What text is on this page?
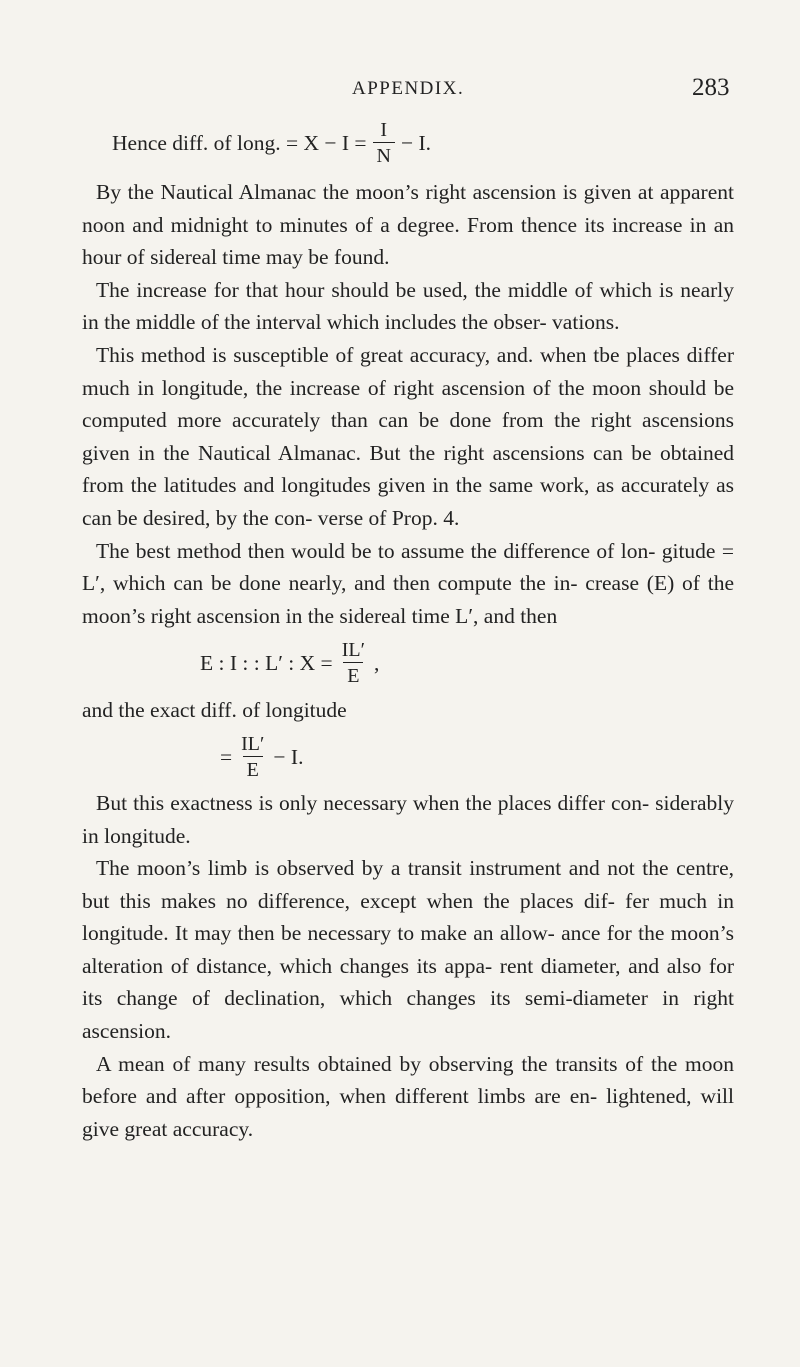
APPENDIX.	283
Hence diff. of long. = $X - I = \frac{I}{N} - I$.

By the Nautical Almanac the moon’s right ascension is given at apparent noon and midnight to minutes of a degree. From thence its increase in an hour of sidereal time may be found.

The increase for that hour should be used, the middle of which is nearly in the middle of the interval which includes the obser- vations.

This method is susceptible of great accuracy, and. when tbe places differ much in longitude, the increase of right ascension of the moon should be computed more accurately than can be done from the right ascensions given in the Nautical Almanac. But the right ascensions can be obtained from the latitudes and longitudes given in the same work, as accurately as can be desired, by the con- verse of Prop. 4.

The best method then would be to assume the difference of lon- gitude = L′, which can be done nearly, and then compute the in- crease (E) of the moon’s right ascension in the sidereal time L′, and then

E : I : : L′ : $X = \frac{IL'}{E}$ ,

and the exact diff. of longitude

= $\frac{IL'}{E} - I$.

But this exactness is only necessary when the places differ con- siderably in longitude.

The moon’s limb is observed by a transit instrument and not the centre, but this makes no difference, except when the places dif- fer much in longitude. It may then be necessary to make an allow- ance for the moon’s alteration of distance, which changes its appa- rent diameter, and also for its change of declination, which changes its semi-diameter in right ascension.

A mean of many results obtained by observing the transits of the moon before and after opposition, when different limbs are en- lightened, will give great accuracy.
